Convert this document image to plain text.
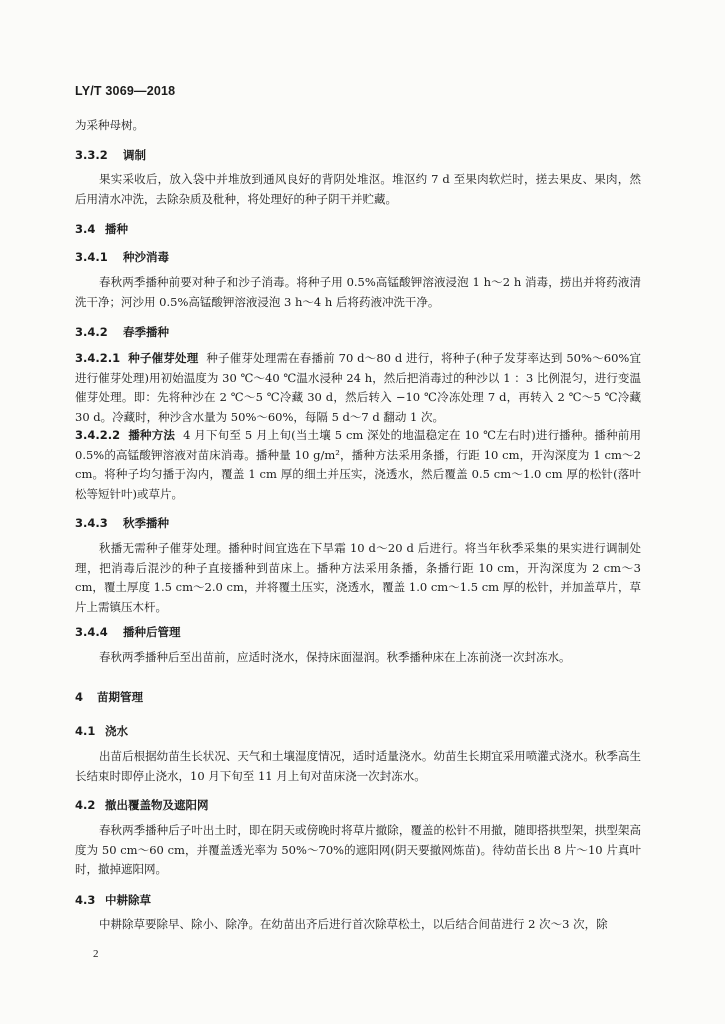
LY/T 3069—2018
为采种母树。
3.3.2 调制
果实采收后，放入袋中并堆放到通风良好的背阴处堆沤。堆沤约 7 d 至果肉软烂时，搓去果皮、果肉，然后用清水冲洗，去除杂质及秕种，将处理好的种子阴干并贮藏。
3.4 播种
3.4.1 种沙消毒
春秋两季播种前要对种子和沙子消毒。将种子用 0.5%高锰酸钾溶液浸泡 1 h～2 h 消毒，捞出并将药液清洗干净；河沙用 0.5%高锰酸钾溶液浸泡 3 h～4 h 后将药液冲洗干净。
3.4.2 春季播种
3.4.2.1 种子催芽处理 种子催芽处理需在春播前 70 d～80 d 进行，将种子(种子发芽率达到 50%～60%宜进行催芽处理)用初始温度为 30 ℃～40 ℃温水浸种 24 h，然后把消毒过的种沙以 1 ：3 比例混匀，进行变温催芽处理。即：先将种沙在 2 ℃～5 ℃冷藏 30 d，然后转入 −10 ℃冷冻处理 7 d，再转入 2 ℃～5 ℃冷藏 30 d。冷藏时，种沙含水量为 50%～60%，每隔 5 d～7 d 翻动 1 次。
3.4.2.2 播种方法 4 月下旬至 5 月上旬(当土壤 5 cm 深处的地温稳定在 10 ℃左右时)进行播种。播种前用 0.5%的高锰酸钾溶液对苗床消毒。播种量 10 g/m²，播种方法采用条播，行距 10 cm，开沟深度为 1 cm～2 cm。将种子均匀播于沟内，覆盖 1 cm 厚的细土并压实，浇透水，然后覆盖 0.5 cm～1.0 cm 厚的松针(落叶松等短针叶)或草片。
3.4.3 秋季播种
秋播无需种子催芽处理。播种时间宜选在下旱霜 10 d～20 d 后进行。将当年秋季采集的果实进行调制处理，把消毒后混沙的种子直接播种到苗床上。播种方法采用条播，条播行距 10 cm，开沟深度为 2 cm～3 cm，覆土厚度 1.5 cm～2.0 cm，并将覆土压实，浇透水，覆盖 1.0 cm～1.5 cm 厚的松针，并加盖草片，草片上需镇压木杆。
3.4.4 播种后管理
春秋两季播种后至出苗前，应适时浇水，保持床面湿润。秋季播种床在上冻前浇一次封冻水。
4 苗期管理
4.1 浇水
出苗后根据幼苗生长状况、天气和土壤湿度情况，适时适量浇水。幼苗生长期宜采用喷灌式浇水。秋季高生长结束时即停止浇水，10 月下旬至 11 月上旬对苗床浇一次封冻水。
4.2 撤出覆盖物及遮阳网
春秋两季播种后子叶出土时，即在阴天或傍晚时将草片撤除，覆盖的松针不用撤，随即搭拱型架，拱型架高度为 50 cm～60 cm，并覆盖透光率为 50%～70%的遮阳网(阴天要撤网炼苗)。待幼苗长出 8 片～10 片真叶时，撤掉遮阳网。
4.3 中耕除草
中耕除草要除早、除小、除净。在幼苗出齐后进行首次除草松土，以后结合间苗进行 2 次～3 次，除
2
